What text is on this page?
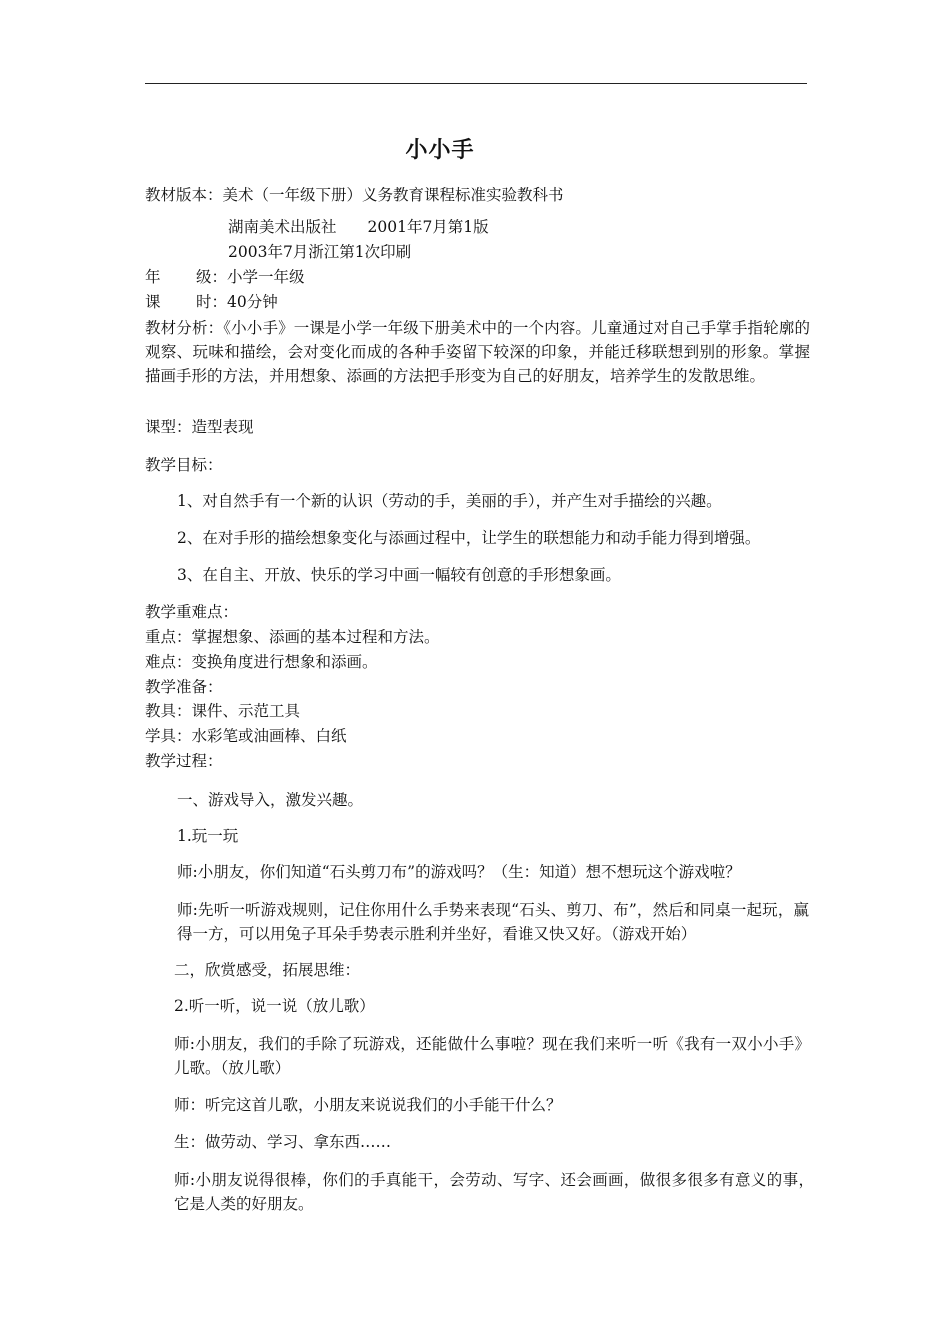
小小手
教材版本：美术（一年级下册）义务教育课程标准实验教科书
湖南美术出版社　　2001年7月第1版
2003年7月浙江第1次印刷
年 级：小学一年级
课 时：40分钟
教材分析：《小小手》一课是小学一年级下册美术中的一个内容。儿童通过对自己手掌手指轮廓的观察、玩味和描绘，会对变化而成的各种手姿留下较深的印象，并能迁移联想到别的形象。掌握描画手形的方法，并用想象、添画的方法把手形变为自己的好朋友，培养学生的发散思维。
课型：造型表现
教学目标：
1、对自然手有一个新的认识（劳动的手，美丽的手），并产生对手描绘的兴趣。
2、在对手形的描绘想象变化与添画过程中，让学生的联想能力和动手能力得到增强。
3、在自主、开放、快乐的学习中画一幅较有创意的手形想象画。
教学重难点：
重点：掌握想象、添画的基本过程和方法。
难点：变换角度进行想象和添画。
教学准备：
教具：课件、示范工具
学具：水彩笔或油画棒、白纸
教学过程：
一、游戏导入，激发兴趣。
1.玩一玩
师:小朋友，你们知道“石头剪刀布”的游戏吗？（生：知道）想不想玩这个游戏啦？
师:先听一听游戏规则，记住你用什么手势来表现“石头、剪刀、布”，然后和同桌一起玩，赢得一方，可以用兔子耳朵手势表示胜利并坐好，看谁又快又好。（游戏开始）
二，欣赏感受，拓展思维：
2.听一听，说一说（放儿歌）
师:小朋友，我们的手除了玩游戏，还能做什么事啦？现在我们来听一听《我有一双小小手》儿歌。（放儿歌）
师：听完这首儿歌，小朋友来说说我们的小手能干什么？
生：做劳动、学习、拿东西……
师:小朋友说得很棒，你们的手真能干，会劳动、写字、还会画画，做很多很多有意义的事，它是人类的好朋友。
